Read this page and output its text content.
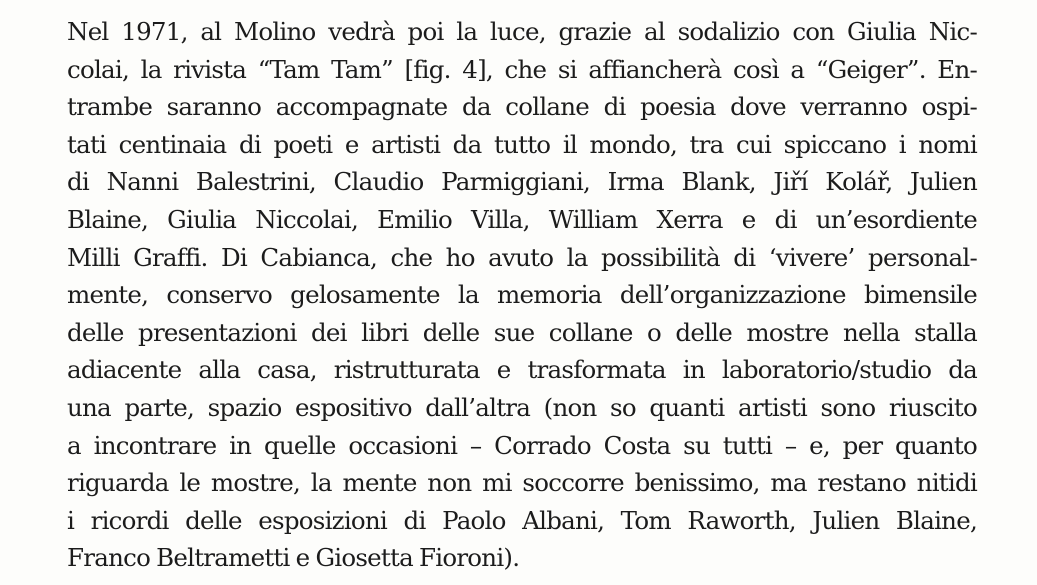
Nel 1971, al Molino vedrà poi la luce, grazie al sodalizio con Giulia Nic-
colai, la rivista “Tam Tam” [fig. 4], che si affiancherà così a “Geiger”. En-
trambe saranno accompagnate da collane di poesia dove verranno ospi-
tati centinaia di poeti e artisti da tutto il mondo, tra cui spiccano i nomi
di Nanni Balestrini, Claudio Parmiggiani, Irma Blank, Jiří Kolář, Julien
Blaine, Giulia Niccolai, Emilio Villa, William Xerra e di un’esordiente
Milli Graffi. Di Cabianca, che ho avuto la possibilità di ‘vivere’ personal-
mente, conservo gelosamente la memoria dell’organizzazione bimensile
delle presentazioni dei libri delle sue collane o delle mostre nella stalla
adiacente alla casa, ristrutturata e trasformata in laboratorio/studio da
una parte, spazio espositivo dall’altra (non so quanti artisti sono riuscito
a incontrare in quelle occasioni – Corrado Costa su tutti – e, per quanto
riguarda le mostre, la mente non mi soccorre benissimo, ma restano nitidi
i ricordi delle esposizioni di Paolo Albani, Tom Raworth, Julien Blaine,
Franco Beltrametti e Giosetta Fioroni).
